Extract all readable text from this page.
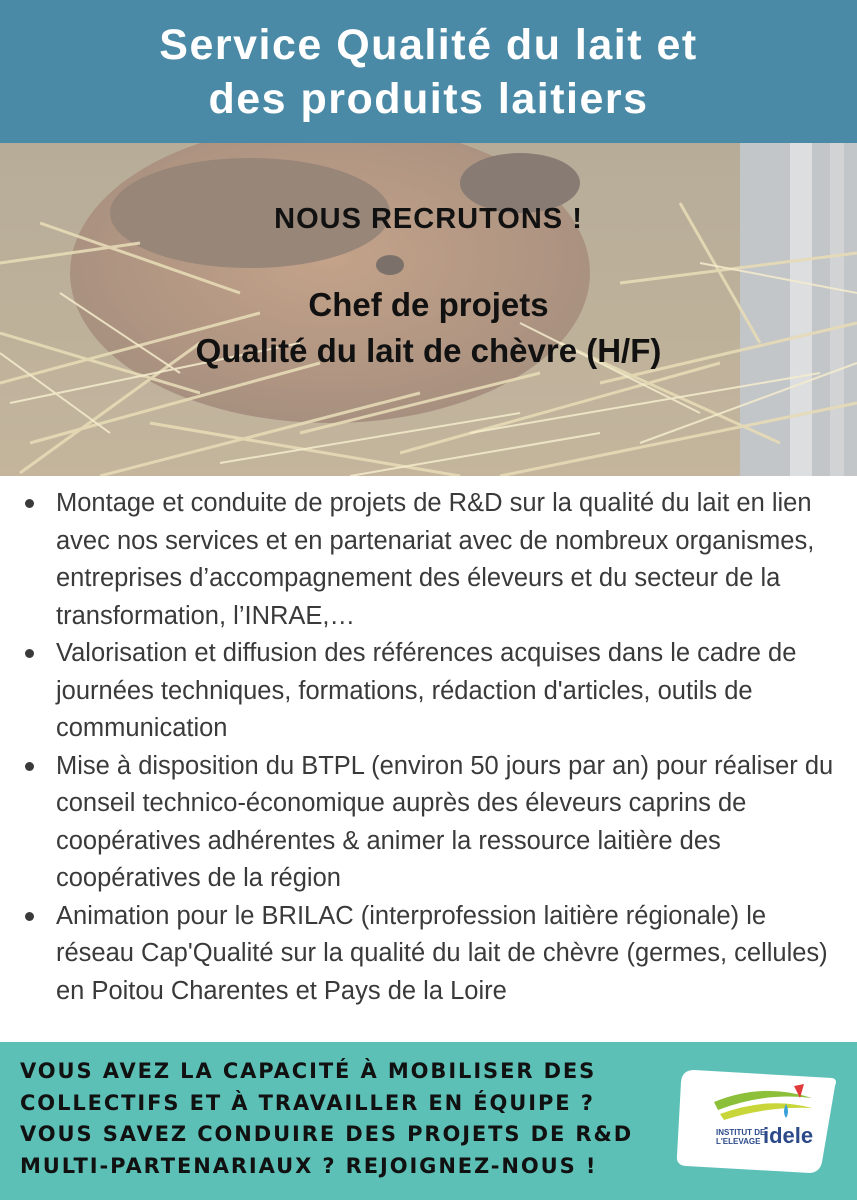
Service Qualité du lait et
des produits laitiers
NOUS RECRUTONS !
Chef de projets
Qualité du lait de chèvre (H/F)
Montage et conduite de projets de R&D sur la qualité du lait en lien avec nos services et en partenariat avec de nombreux organismes, entreprises d’accompagnement des éleveurs et du secteur de la transformation, l’INRAE,…
Valorisation et diffusion des références acquises dans le cadre de journées techniques, formations, rédaction d'articles, outils de communication
Mise à disposition du BTPL (environ 50 jours par an) pour réaliser du conseil technico-économique auprès des éleveurs caprins de coopératives adhérentes & animer la ressource laitière des coopératives de la région
Animation pour le BRILAC (interprofession laitière régionale) le réseau Cap'Qualité sur la qualité du lait de chèvre (germes, cellules) en Poitou Charentes et Pays de la Loire
VOUS AVEZ LA CAPACITÉ À MOBILISER DES
COLLECTIFS ET À TRAVAILLER EN ÉQUIPE ?
VOUS SAVEZ CONDUIRE DES PROJETS DE R&D
MULTI-PARTENARIAUX ? REJOIGNEZ-NOUS !
INSTITUT DE
L'ELEVAGE idele
